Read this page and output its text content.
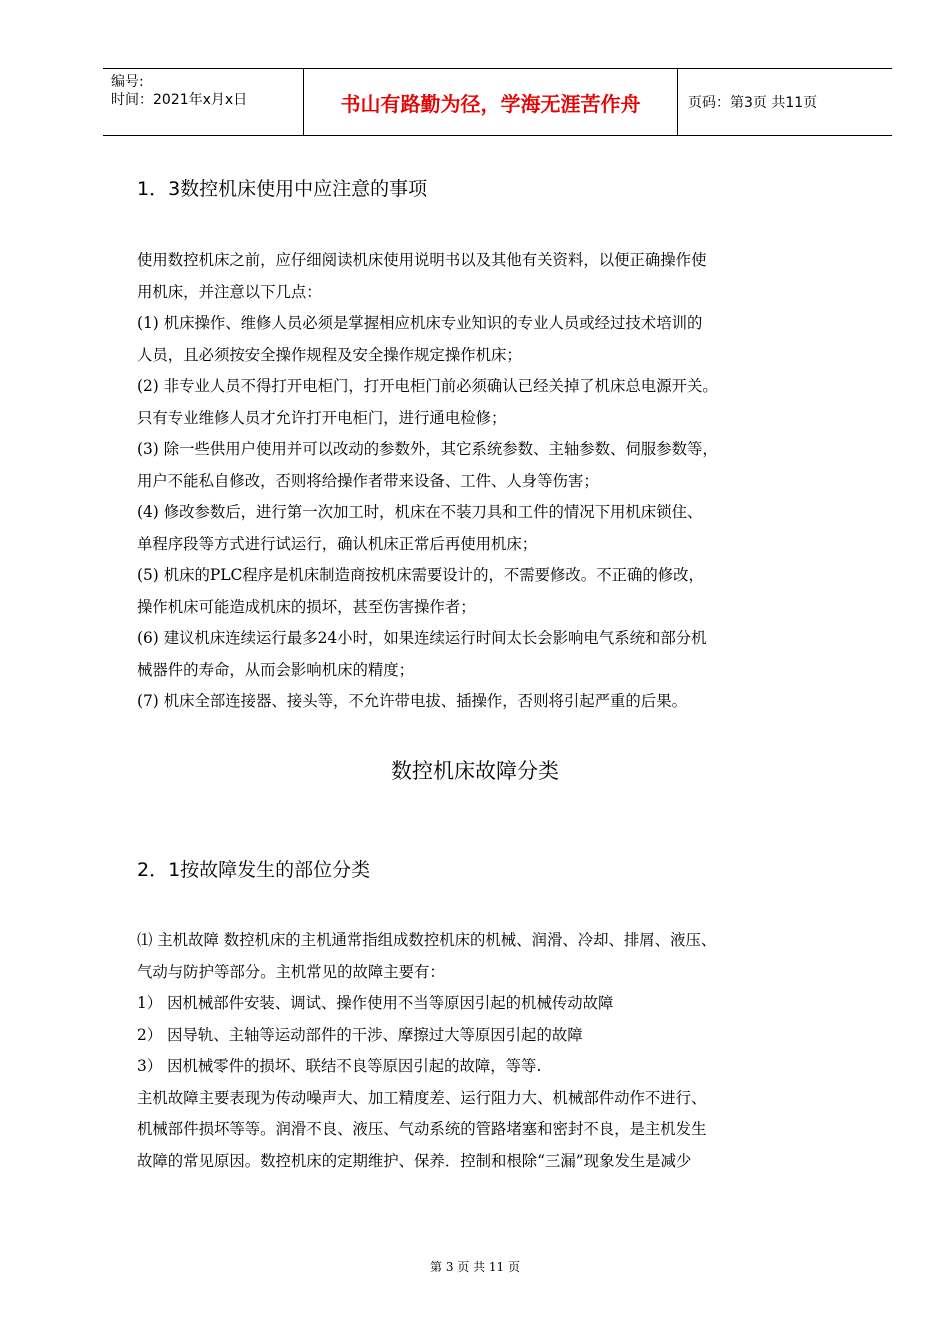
编号:
时间：2021年x月x日	书山有路勤为径，学海无涯苦作舟	页码：第3页 共11页
1．3数控机床使用中应注意的事项

使用数控机床之前，应仔细阅读机床使用说明书以及其他有关资料，以便正确操作使

用机床，并注意以下几点：

(1) 机床操作、维修人员必须是掌握相应机床专业知识的专业人员或经过技术培训的

人员，且必须按安全操作规程及安全操作规定操作机床；

(2) 非专业人员不得打开电柜门，打开电柜门前必须确认已经关掉了机床总电源开关。

只有专业维修人员才允许打开电柜门，进行通电检修；

(3) 除一些供用户使用并可以改动的参数外，其它系统参数、主轴参数、伺服参数等，

用户不能私自修改，否则将给操作者带来设备、工件、人身等伤害；

(4) 修改参数后，进行第一次加工时，机床在不装刀具和工件的情况下用机床锁住、

单程序段等方式进行试运行，确认机床正常后再使用机床；

(5) 机床的PLC程序是机床制造商按机床需要设计的，不需要修改。不正确的修改，

操作机床可能造成机床的损坏，甚至伤害操作者；

(6) 建议机床连续运行最多24小时，如果连续运行时间太长会影响电气系统和部分机

械器件的寿命，从而会影响机床的精度；

(7) 机床全部连接器、接头等，不允许带电拔、插操作，否则将引起严重的后果。

数控机床故障分类
2．1按故障发生的部位分类

⑴ 主机故障 数控机床的主机通常指组成数控机床的机械、润滑、冷却、排屑、液压、

气动与防护等部分。主机常见的故障主要有：

1） 因机械部件安装、调试、操作使用不当等原因引起的机械传动故障

2） 因导轨、主轴等运动部件的干涉、摩擦过大等原因引起的故障

3） 因机械零件的损坏、联结不良等原因引起的故障，等等.

主机故障主要表现为传动噪声大、加工精度差、运行阻力大、机械部件动作不进行、

机械部件损坏等等。润滑不良、液压、气动系统的管路堵塞和密封不良，是主机发生

故障的常见原因。数控机床的定期维护、保养．控制和根除“三漏”现象发生是减少

第 3 页 共 11 页
